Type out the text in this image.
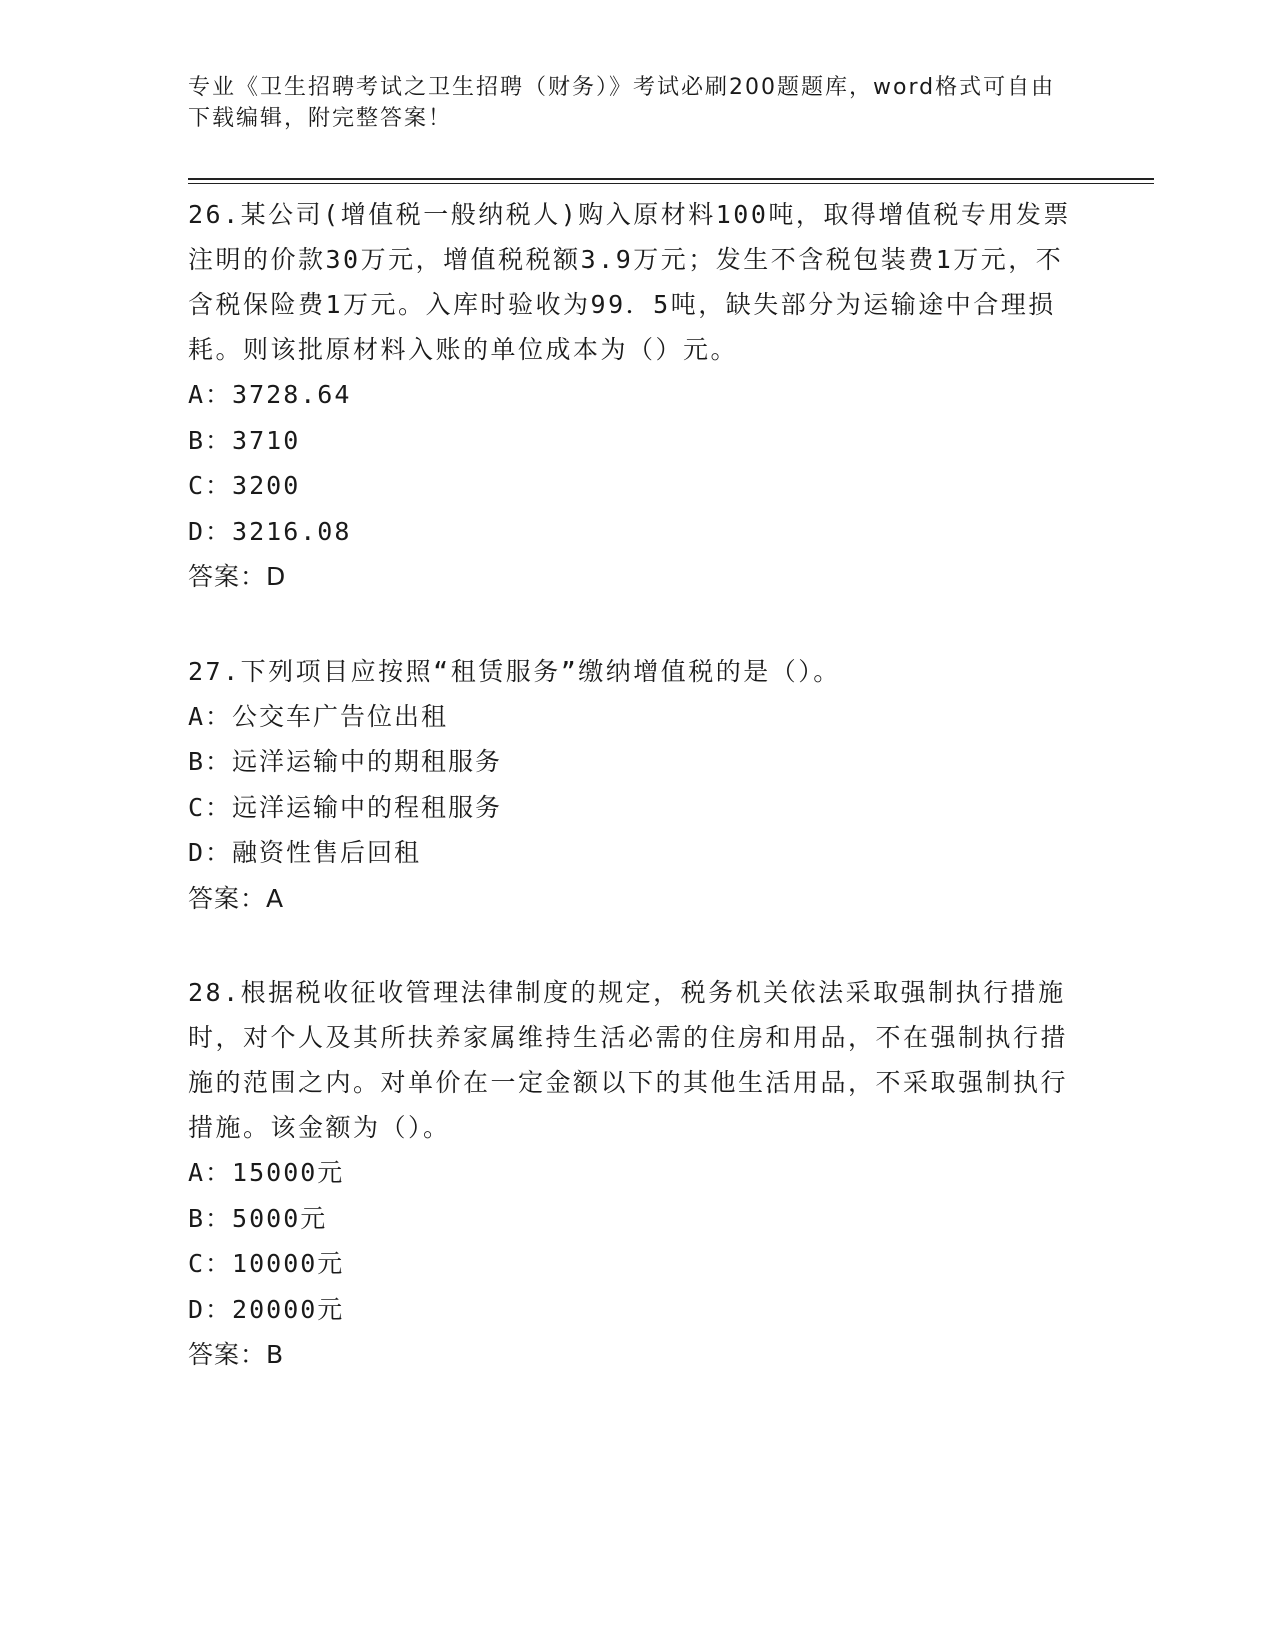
专业《卫生招聘考试之卫生招聘（财务）》考试必刷200题题库，word格式可自由下载编辑，附完整答案！
26.某公司(增值税一般纳税人)购入原材料100吨，取得增值税专用发票注明的价款30万元，增值税税额3.9万元；发生不含税包装费1万元，不含税保险费1万元。入库时验收为99．5吨，缺失部分为运输途中合理损耗。则该批原材料入账的单位成本为（）元。
A：3728.64
B：3710
C：3200
D：3216.08
答案：D
27.下列项目应按照“租赁服务”缴纳增值税的是（）。
A：公交车广告位出租
B：远洋运输中的期租服务
C：远洋运输中的程租服务
D：融资性售后回租
答案：A
28.根据税收征收管理法律制度的规定，税务机关依法采取强制执行措施时，对个人及其所扶养家属维持生活必需的住房和用品，不在强制执行措施的范围之内。对单价在一定金额以下的其他生活用品，不采取强制执行措施。该金额为（）。
A：15000元
B：5000元
C：10000元
D：20000元
答案：B
